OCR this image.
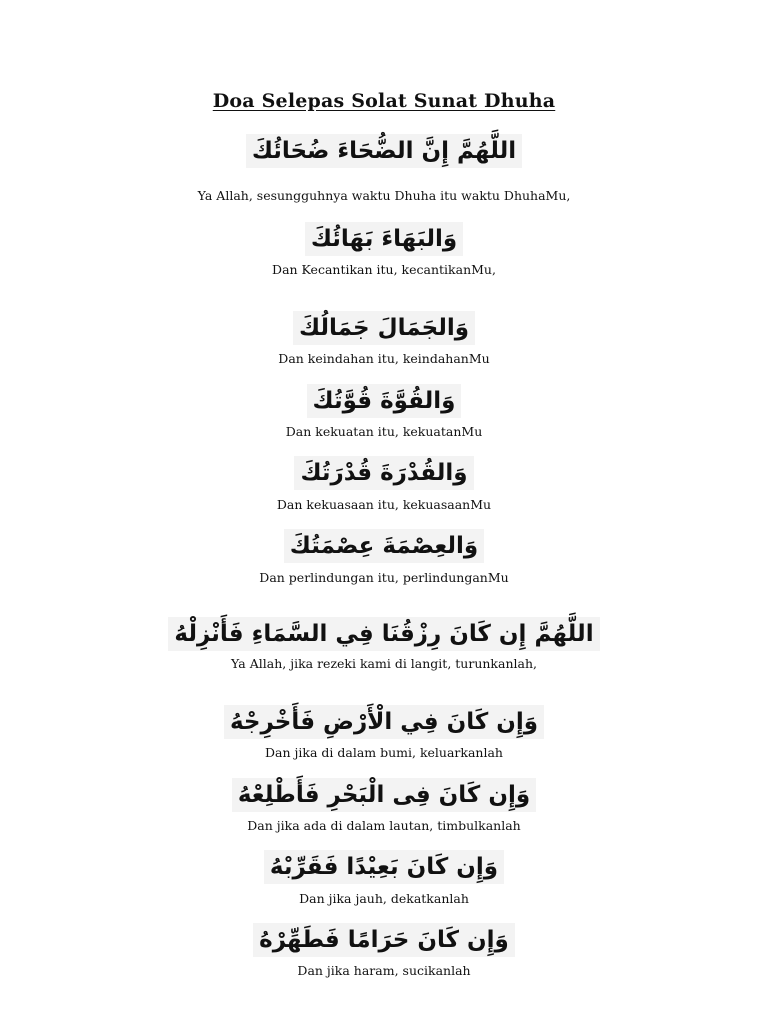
Doa Selepas Solat Sunat Dhuha
اللَّهُمَّ إِنَّ الضُّحَاءَ ضُحَائُكَ
Ya Allah, sesungguhnya waktu Dhuha itu waktu DhuhaMu,
وَالبَهَاءَ بَهَائُكَ
Dan Kecantikan itu, kecantikanMu,
وَالجَمَالَ جَمَالُكَ
Dan keindahan itu, keindahanMu
وَالقُوَّةَ قُوَّتُكَ
Dan kekuatan itu, kekuatanMu
وَالقُدْرَةَ قُدْرَتُكَ
Dan kekuasaan itu, kekuasaanMu
وَالعِصْمَةَ عِصْمَتُكَ
Dan perlindungan itu, perlindunganMu
اللَّهُمَّ إِن كَانَ رِزْقُنَا فِي السَّمَاءِ فَأَنْزِلْهُ
Ya Allah, jika rezeki kami di langit, turunkanlah,
وَإِن كَانَ فِي الْأَرْضِ فَأَخْرِجْهُ
Dan jika di dalam bumi, keluarkanlah
وَإِن كَانَ فِى الْبَحْرِ فَأَطْلِعْهُ
Dan jika ada di dalam lautan, timbulkanlah
وَإِن كَانَ بَعِيْدًا فَقَرِّبْهُ
Dan jika jauh, dekatkanlah
وَإِن كَانَ حَرَامًا فَطَهِّرْهُ
Dan jika haram, sucikanlah
